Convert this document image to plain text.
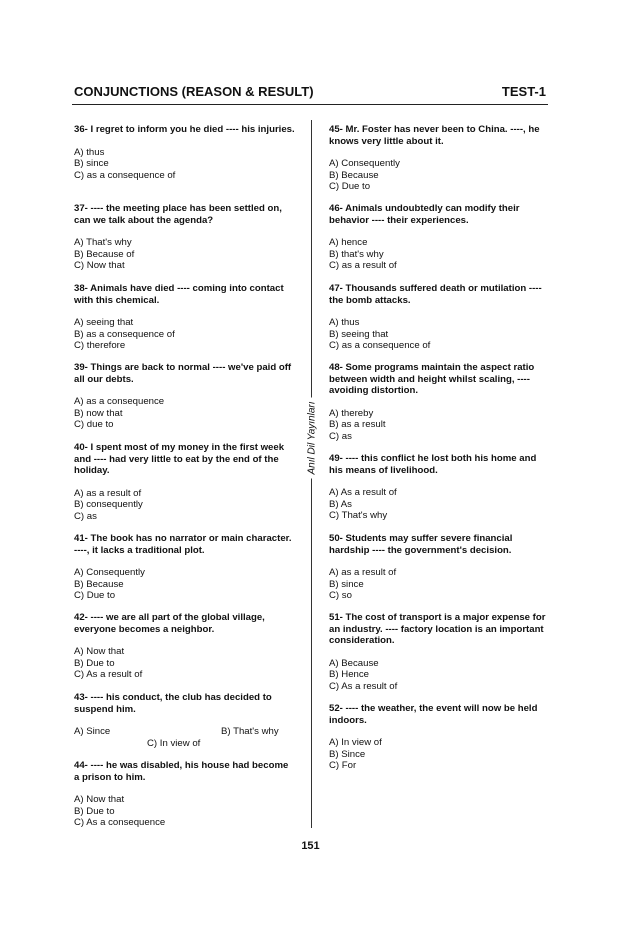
CONJUNCTIONS (REASON & RESULT)	TEST-1
Anıl Dil Yayınları

36- I regret to inform you he died ---- his injuries.

A) thus

B) since

C) as a consequence of

37- ---- the meeting place has been settled on, can we talk about the agenda?

A) That's why

B) Because of

C) Now that

38- Animals have died ---- coming into contact with this chemical.

A) seeing that

B) as a consequence of

C) therefore

39- Things are back to normal ---- we've paid off all our debts.

A) as a consequence

B) now that

C) due to

40- I spent most of my money in the first week and ---- had very little to eat by the end of the holiday.

A) as a result of

B) consequently

C) as

41- The book has no narrator or main character. ----, it lacks a traditional plot.

A) Consequently

B) Because

C) Due to

42- ---- we are all part of the global village, everyone becomes a neighbor.

A) Now that

B) Due to

C) As a result of

43- ---- his conduct, the club has decided to suspend him.

A) Since	B) That's why
C) In view of

44- ---- he was disabled, his house had become a prison to him.

A) Now that

B) Due to

C) As a consequence

45- Mr. Foster has never been to China. ----, he knows very little about it.

A) Consequently

B) Because

C) Due to

46- Animals undoubtedly can modify their behavior ---- their experiences.

A) hence

B) that's why

C) as a result of

47- Thousands suffered death or mutilation ---- the bomb attacks.

A) thus

B) seeing that

C) as a consequence of

48- Some programs maintain the aspect ratio between width and height whilst scaling, ---- avoiding distortion.

A) thereby

B) as a result

C) as

49- ---- this conflict he lost both his home and his means of livelihood.

A) As a result of

B) As

C) That's why

50- Students may suffer severe financial hardship ---- the government's decision.

A) as a result of

B) since

C) so

51- The cost of transport is a major expense for an industry. ---- factory location is an important consideration.

A) Because

B) Hence

C) As a result of

52- ---- the weather, the event will now be held indoors.

A) In view of

B) Since

C) For

151
